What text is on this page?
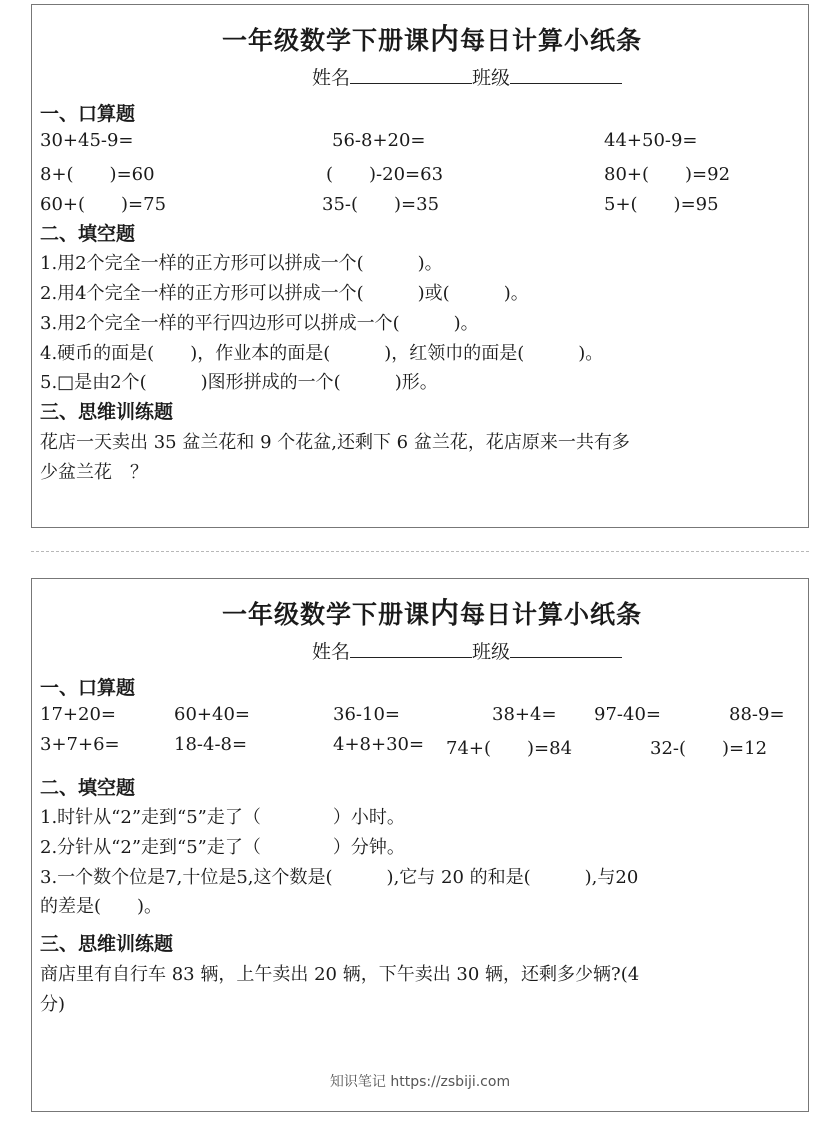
一年级数学下册课内每日计算小纸条
姓名	班级
一、口算题
30+45-9=	56-8+20=	44+50-9=
8+(　　)=60	(　　)-20=63	80+(　　)=92
60+(　　)=75	35-(　　)=35	5+(　　)=95
二、填空题
1.用2个完全一样的正方形可以拼成一个(　　　)。
2.用4个完全一样的正方形可以拼成一个(　　　)或(　　　)。
3.用2个完全一样的平行四边形可以拼成一个(　　　)。
4.硬币的面是(　　)，作业本的面是(　　　)，红领巾的面是(　　　)。
5.□是由2个(　　　)图形拼成的一个(　　　)形。
三、思维训练题
花店一天卖出 35 盆兰花和 9 个花盆,还剩下 6 盆兰花，花店原来一共有多
少盆兰花　？
一年级数学下册课内每日计算小纸条
姓名	班级
一、口算题
17+20=	60+40=	36-10=	38+4= 97-40=	88-9=
3+7+6=	18-4-8=	4+8+30= 74+(　　)=84	32-(　　)=12
二、填空题
1.时针从“2”走到“5”走了（　　　　）小时。
2.分针从“2”走到“5”走了（　　　　）分钟。
3.一个数个位是7,十位是5,这个数是(　　　),它与 20 的和是(　　　),与20
的差是(　　)。
三、思维训练题
商店里有自行车 83 辆，上午卖出 20 辆，下午卖出 30 辆，还剩多少辆?(4
分)
知识笔记 https://zsbiji.com
